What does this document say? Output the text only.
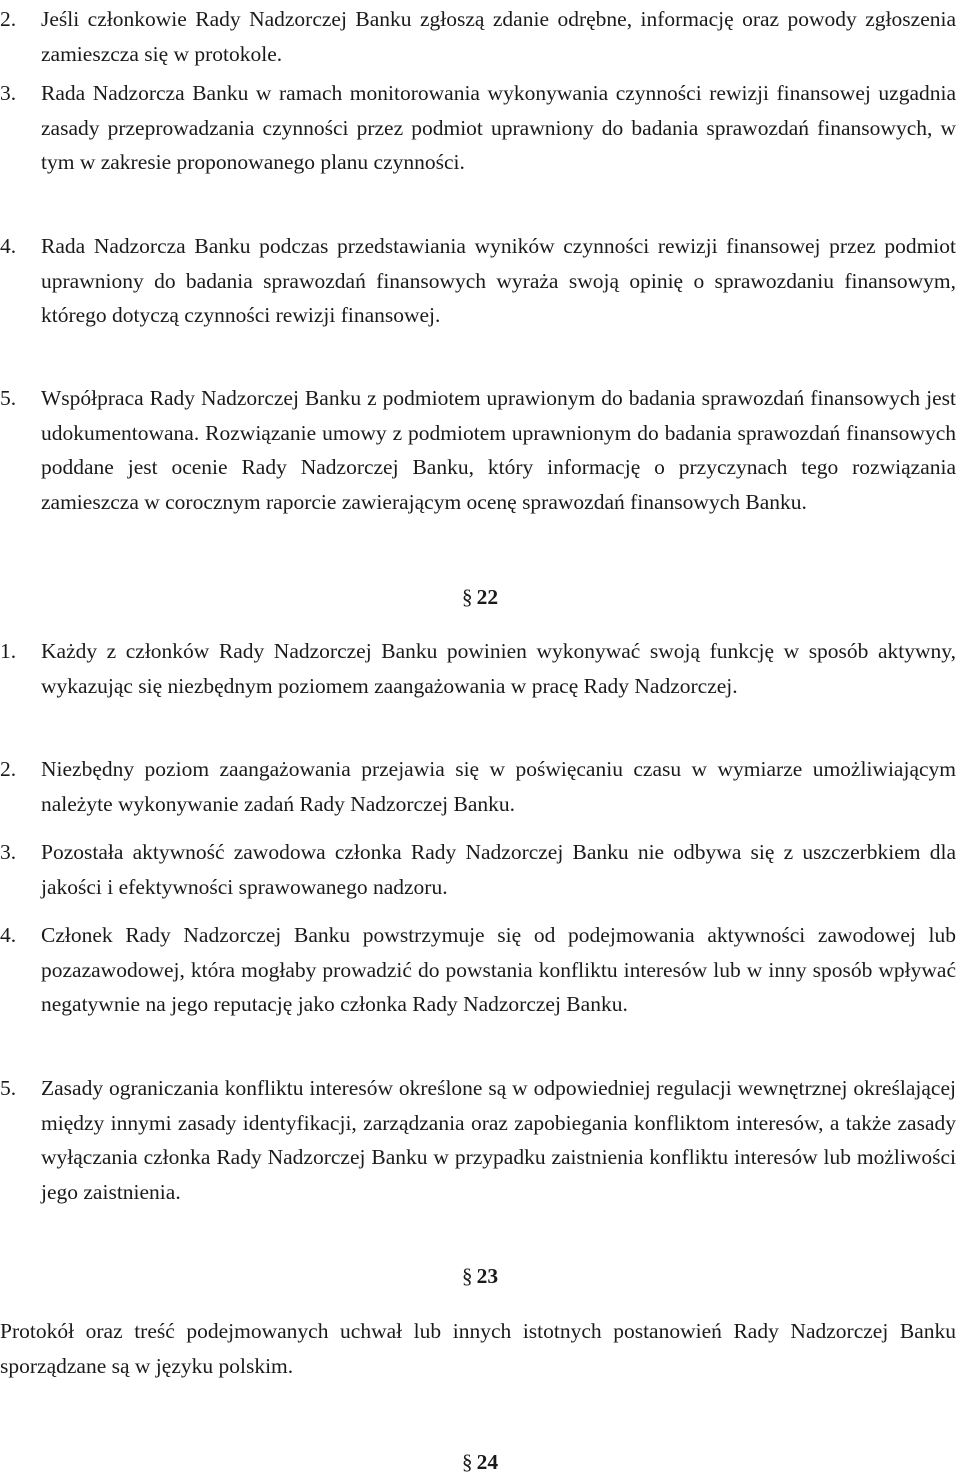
2. Jeśli członkowie Rady Nadzorczej Banku zgłoszą zdanie odrębne, informację oraz powody zgłoszenia zamieszcza się w protokole.
3. Rada Nadzorcza Banku w ramach monitorowania wykonywania czynności rewizji finansowej uzgadnia zasady przeprowadzania czynności przez podmiot uprawniony do badania sprawozdań finansowych, w tym w zakresie proponowanego planu czynności.
4. Rada Nadzorcza Banku podczas przedstawiania wyników czynności rewizji finansowej przez podmiot uprawniony do badania sprawozdań finansowych wyraża swoją opinię o sprawozdaniu finansowym, którego dotyczą czynności rewizji finansowej.
5. Współpraca Rady Nadzorczej Banku z podmiotem uprawionym do badania sprawozdań finansowych jest udokumentowana. Rozwiązanie umowy z podmiotem uprawnionym do badania sprawozdań finansowych poddane jest ocenie Rady Nadzorczej Banku, który informację o przyczynach tego rozwiązania zamieszcza w corocznym raporcie zawierającym ocenę sprawozdań finansowych Banku.
§ 22
1. Każdy z członków Rady Nadzorczej Banku powinien wykonywać swoją funkcję w sposób aktywny, wykazując się niezbędnym poziomem zaangażowania w pracę Rady Nadzorczej.
2. Niezbędny poziom zaangażowania przejawia się w poświęcaniu czasu w wymiarze umożliwiającym należyte wykonywanie zadań Rady Nadzorczej Banku.
3. Pozostała aktywność zawodowa członka Rady Nadzorczej Banku nie odbywa się z uszczerbkiem dla jakości i efektywności sprawowanego nadzoru.
4. Członek Rady Nadzorczej Banku powstrzymuje się od podejmowania aktywności zawodowej lub pozazawodowej, która mogłaby prowadzić do powstania konfliktu interesów lub w inny sposób wpływać negatywnie na jego reputację jako członka Rady Nadzorczej Banku.
5. Zasady ograniczania konfliktu interesów określone są w odpowiedniej regulacji wewnętrznej określającej między innymi zasady identyfikacji, zarządzania oraz zapobiegania konfliktom interesów, a także zasady wyłączania członka Rady Nadzorczej Banku w przypadku zaistnienia konfliktu interesów lub możliwości jego zaistnienia.
§ 23
Protokół oraz treść podejmowanych uchwał lub innych istotnych postanowień Rady Nadzorczej Banku sporządzane są w języku polskim.
§ 24
